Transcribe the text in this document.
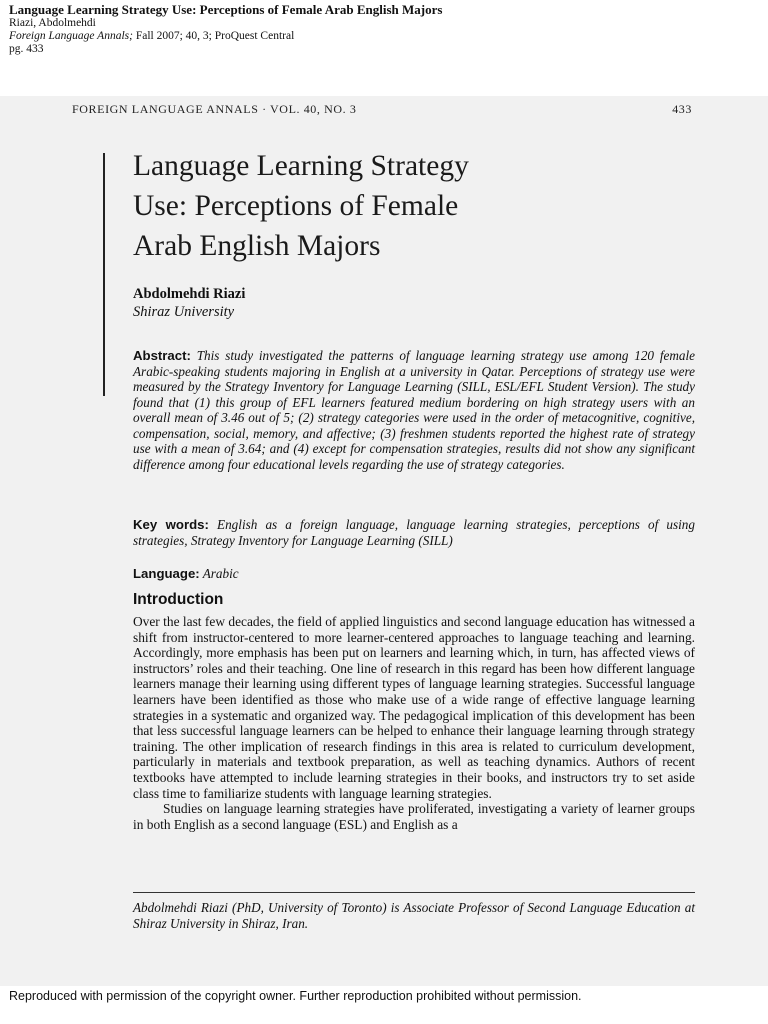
Language Learning Strategy Use: Perceptions of Female Arab English Majors
Riazi, Abdolmehdi
Foreign Language Annals; Fall 2007; 40, 3; ProQuest Central
pg. 433
FOREIGN LANGUAGE ANNALS · VOL. 40, NO. 3	433
Language Learning Strategy
Use: Perceptions of Female
Arab English Majors
Abdolmehdi Riazi
Shiraz University
Abstract: This study investigated the patterns of language learning strategy use among 120 female Arabic-speaking students majoring in English at a university in Qatar. Perceptions of strategy use were measured by the Strategy Inventory for Language Learning (SILL, ESL/EFL Student Version). The study found that (1) this group of EFL learners featured medium bordering on high strategy users with an overall mean of 3.46 out of 5; (2) strategy categories were used in the order of metacognitive, cognitive, compensation, social, memory, and affective; (3) freshmen students reported the highest rate of strategy use with a mean of 3.64; and (4) except for compensation strategies, results did not show any significant difference among four educational levels regarding the use of strategy categories.
Key words: English as a foreign language, language learning strategies, perceptions of using strategies, Strategy Inventory for Language Learning (SILL)
Language: Arabic
Introduction

Over the last few decades, the field of applied linguistics and second language education has witnessed a shift from instructor-centered to more learner-centered approaches to language teaching and learning. Accordingly, more emphasis has been put on learners and learning which, in turn, has affected views of instructors’ roles and their teaching. One line of research in this regard has been how different language learners manage their learning using different types of language learning strategies. Successful language learners have been identified as those who make use of a wide range of effective language learning strategies in a systematic and organized way. The pedagogical implication of this development has been that less successful language learners can be helped to enhance their language learning through strategy training. The other implication of research findings in this area is related to curriculum development, particularly in materials and textbook preparation, as well as teaching dynamics. Authors of recent textbooks have attempted to include learning strategies in their books, and instructors try to set aside class time to familiarize students with language learning strategies.

Studies on language learning strategies have proliferated, investigating a variety of learner groups in both English as a second language (ESL) and English as a

Abdolmehdi Riazi (PhD, University of Toronto) is Associate Professor of Second Language Education at Shiraz University in Shiraz, Iran.
Reproduced with permission of the copyright owner. Further reproduction prohibited without permission.
